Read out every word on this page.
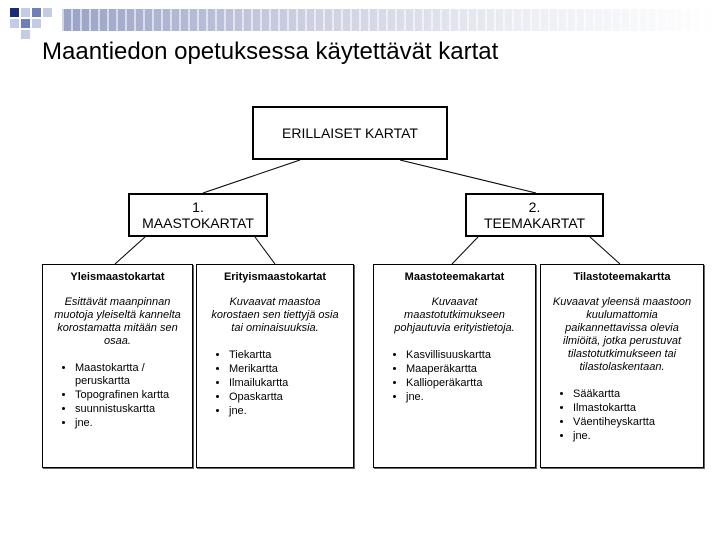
Maantiedon opetuksessa käytettävät kartat
ERILLAISET KARTAT
1.
MAASTOKARTAT
2.
TEEMAKARTAT
Yleismaastokartat
Esittävät maanpinnan muotoja yleiseltä kannelta korostamatta mitään sen osaa.
• Maastokartta / peruskartta
• Topografinen kartta
• suunnistuskartta
• jne.
Erityismaastokartat
Kuvaavat maastoa korostaen sen tiettyjä osia tai ominaisuuksia.
• Tiekartta
• Merikartta
• Ilmailukartta
• Opaskartta
• jne.
Maastoteemakartat
Kuvaavat maastotutkimukseen pohjautuvia erityistietoja.
• Kasvillisuuskartta
• Maaperäkartta
• Kallioperäkartta
• jne.
Tilastoteemakartta
Kuvaavat yleensä maastoon kuulumattomia paikannettavissa olevia ilmiöitä, jotka perustuvat tilastotutkimukseen tai tilastolaskentaan.
• Sääkartta
• Ilmastokartta
• Väentiheyskartta
• jne.
